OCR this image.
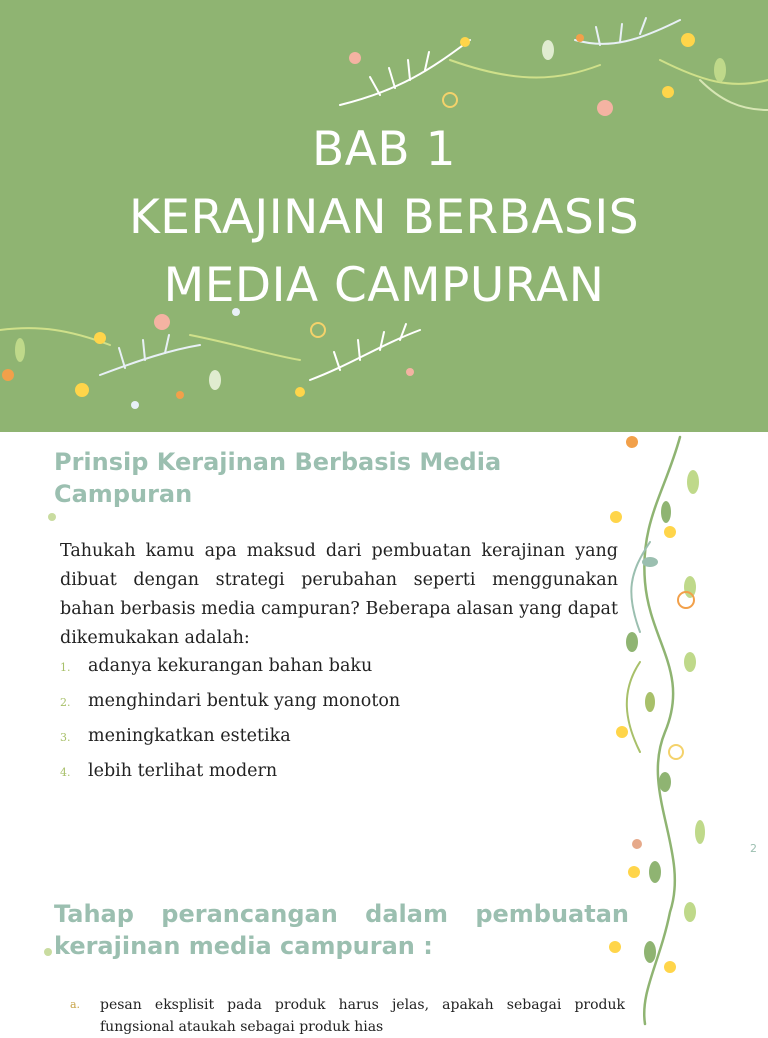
BAB 1
KERAJINAN BERBASIS
MEDIA CAMPURAN
Prinsip Kerajinan Berbasis Media Campuran
Tahukah kamu apa maksud dari pembuatan kerajinan yang dibuat dengan strategi perubahan seperti menggunakan bahan berbasis media campuran? Beberapa alasan yang dapat dikemukakan adalah:
1.	adanya kekurangan bahan baku
2.	menghindari bentuk yang monoton
3.	meningkatkan estetika
4.	lebih terlihat modern
2
Tahap perancangan dalam pembuatan

kerajinan media campuran :
a.	pesan eksplisit pada produk harus jelas, apakah sebagai produk
fungsional ataukah sebagai produk hias
